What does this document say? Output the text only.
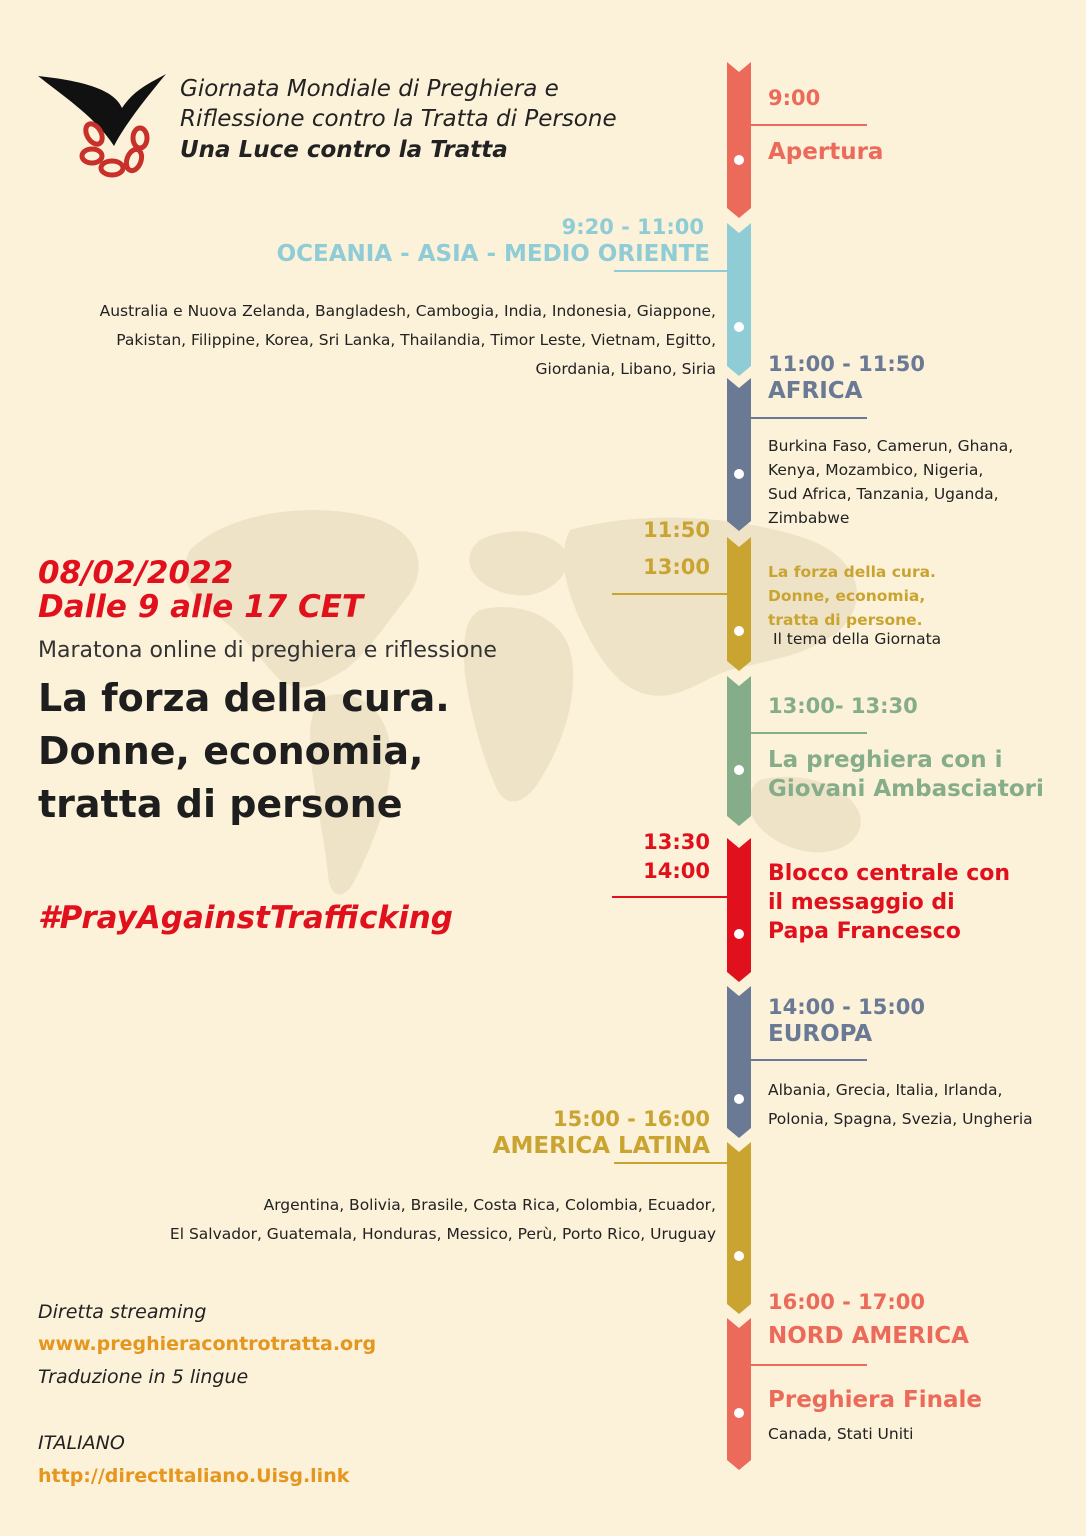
Giornata Mondiale di Preghiera e
Riflessione contro la Tratta di Persone
Una Luce contro la Tratta
9:00
Apertura
9:20 - 11:00
OCEANIA - ASIA - MEDIO ORIENTE
Australia e Nuova Zelanda, Bangladesh, Cambogia, India, Indonesia, Giappone,
Pakistan, Filippine, Korea, Sri Lanka, Thailandia, Timor Leste, Vietnam, Egitto,
Giordania, Libano, Siria 11:00 - 11:50
AFRICA
Burkina Faso, Camerun, Ghana,
Kenya, Mozambico, Nigeria,
Sud Africa, Tanzania, Uganda,
Zimbabwe
11:50
13:00	La forza della cura.
Donne, economia,
tratta di persone.
Il tema della Giornata
13:00- 13:30
La preghiera con i
Giovani Ambasciatori
13:30
14:00	Blocco centrale con
il messaggio di
Papa Francesco
14:00 - 15:00
EUROPA
Albania, Grecia, Italia, Irlanda,
Polonia, Spagna, Svezia, Ungheria
15:00 - 16:00
AMERICA LATINA
Argentina, Bolivia, Brasile, Costa Rica, Colombia, Ecuador,
El Salvador, Guatemala, Honduras, Messico, Perù, Porto Rico, Uruguay
16:00 - 17:00
NORD AMERICA
Preghiera Finale
Canada, Stati Uniti
08/02/2022
Dalle 9 alle 17 CET
Maratona online di preghiera e riflessione
La forza della cura.
Donne, economia,
tratta di persone
#PrayAgainstTrafficking
Diretta streaming
www.preghieracontrotratta.org
Traduzione in 5 lingue
ITALIANO
http://directItaliano.Uisg.link
